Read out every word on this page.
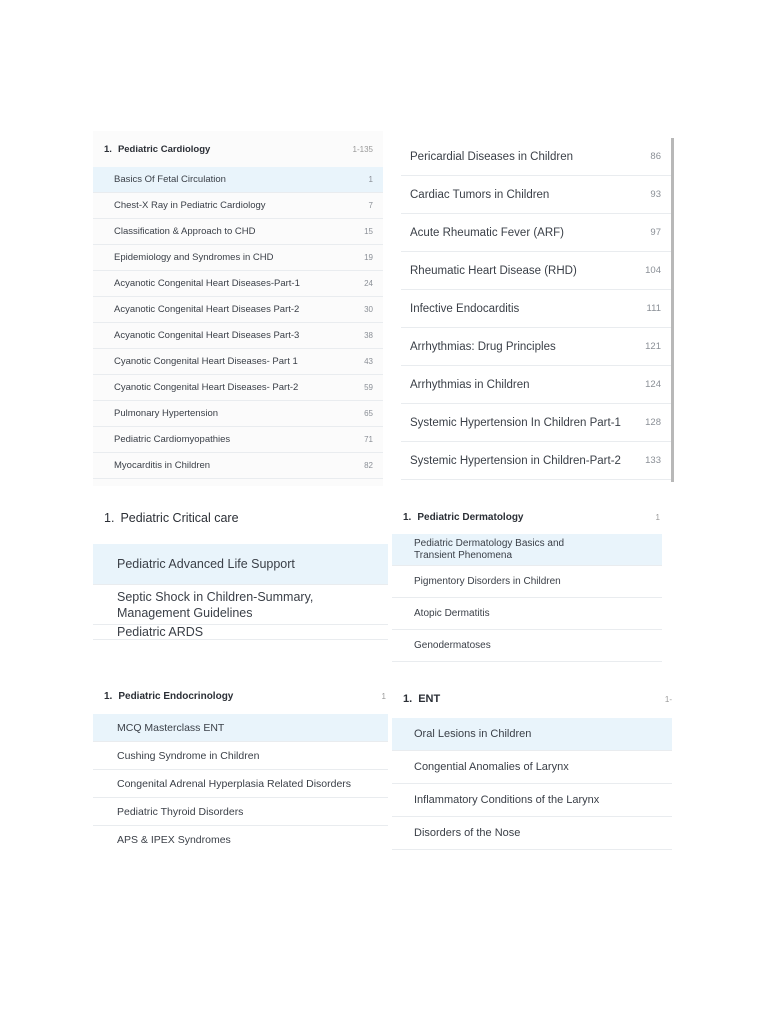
1. Pediatric Cardiology	1-135
Basics Of Fetal Circulation	1
Chest-X Ray in Pediatric Cardiology	7
Classification & Approach to CHD	15
Epidemiology and Syndromes in CHD	19
Acyanotic Congenital Heart Diseases-Part-1	24
Acyanotic Congenital Heart Diseases Part-2	30
Acyanotic Congenital Heart Diseases Part-3	38
Cyanotic Congenital Heart Diseases- Part 1	43
Cyanotic Congenital Heart Diseases- Part-2	59
Pulmonary Hypertension	65
Pediatric Cardiomyopathies	71
Myocarditis in Children	82
Pericardial Diseases in Children	86
Cardiac Tumors in Children	93
Acute Rheumatic Fever (ARF)	97
Rheumatic Heart Disease (RHD)	104
Infective Endocarditis	111
Arrhythmias: Drug Principles	121
Arrhythmias in Children	124
Systemic Hypertension In Children Part-1	128
Systemic Hypertension in Children-Part-2	133
1. Pediatric Critical care
Pediatric Advanced Life Support
Septic Shock in Children-Summary,
Management Guidelines
Pediatric ARDS
1. Pediatric Dermatology	1
Pediatric Dermatology Basics and
Transient Phenomena
Pigmentory Disorders in Children
Atopic Dermatitis
Genodermatoses
1. Pediatric Endocrinology	1
MCQ Masterclass ENT
Cushing Syndrome in Children
Congenital Adrenal Hyperplasia Related Disorders
Pediatric Thyroid Disorders
APS & IPEX Syndromes
1. ENT	1-
Oral Lesions in Children
Congential Anomalies of Larynx
Inflammatory Conditions of the Larynx
Disorders of the Nose
